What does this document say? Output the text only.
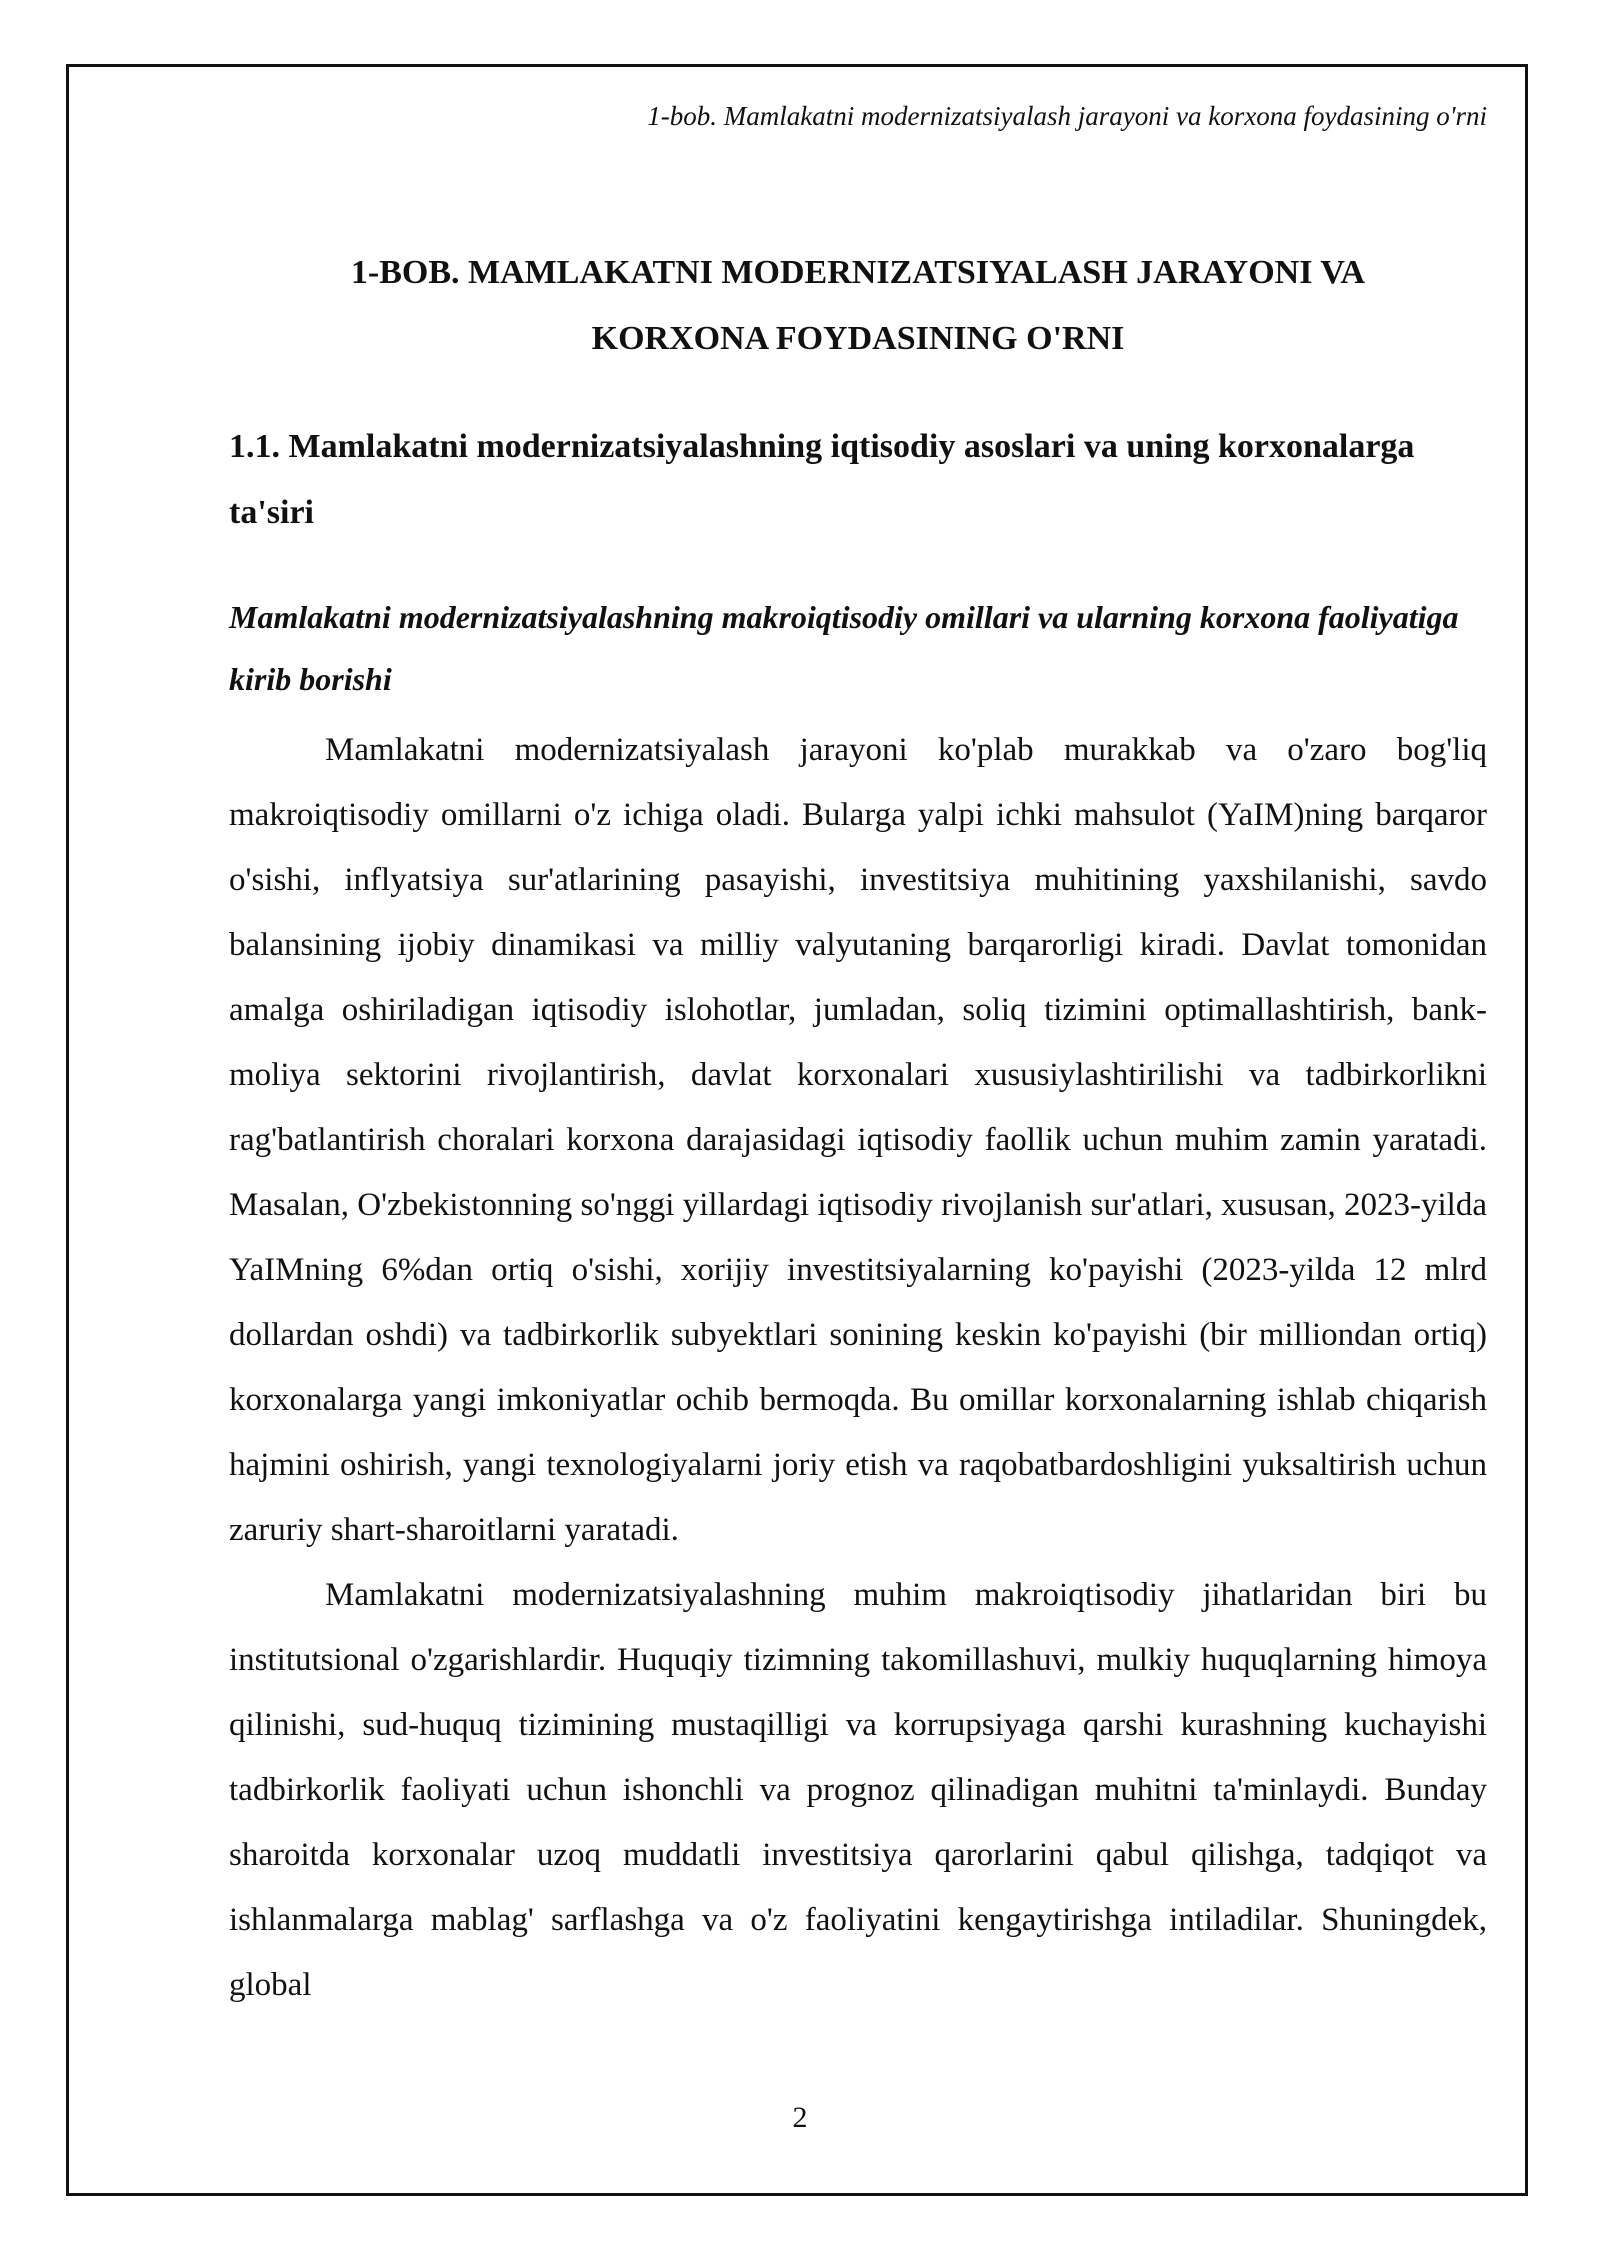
1-bob. Mamlakatni modernizatsiyalash jarayoni va korxona foydasining o'rni

1-BOB. MAMLAKATNI MODERNIZATSIYALASH JARAYONI VA
KORXONA FOYDASINING O'RNI
1.1. Mamlakatni modernizatsiyalashning iqtisodiy asoslari va uning korxonalarga ta'siri
Mamlakatni modernizatsiyalashning makroiqtisodiy omillari va ularning korxona faoliyatiga kirib borishi

Mamlakatni modernizatsiyalash jarayoni ko'plab murakkab va o'zaro bog'liq makroiqtisodiy omillarni o'z ichiga oladi. Bularga yalpi ichki mahsulot (YaIM)ning barqaror o'sishi, inflyatsiya sur'atlarining pasayishi, investitsiya muhitining yaxshilanishi, savdo balansining ijobiy dinamikasi va milliy valyutaning barqarorligi kiradi. Davlat tomonidan amalga oshiriladigan iqtisodiy islohotlar, jumladan, soliq tizimini optimallashtirish, bank-moliya sektorini rivojlantirish, davlat korxonalari xususiylashtirilishi va tadbirkorlikni rag'batlantirish choralari korxona darajasidagi iqtisodiy faollik uchun muhim zamin yaratadi. Masalan, O'zbekistonning so'nggi yillardagi iqtisodiy rivojlanish sur'atlari, xususan, 2023-yilda YaIMning 6%dan ortiq o'sishi, xorijiy investitsiyalarning ko'payishi (2023-yilda 12 mlrd dollardan oshdi) va tadbirkorlik subyektlari sonining keskin ko'payishi (bir milliondan ortiq) korxonalarga yangi imkoniyatlar ochib bermoqda. Bu omillar korxonalarning ishlab chiqarish hajmini oshirish, yangi texnologiyalarni joriy etish va raqobatbardoshligini yuksaltirish uchun zaruriy shart-sharoitlarni yaratadi.

Mamlakatni modernizatsiyalashning muhim makroiqtisodiy jihatlaridan biri bu institutsional o'zgarishlardir. Huquqiy tizimning takomillashuvi, mulkiy huquqlarning himoya qilinishi, sud-huquq tizimining mustaqilligi va korrupsiyaga qarshi kurashning kuchayishi tadbirkorlik faoliyati uchun ishonchli va prognoz qilinadigan muhitni ta'minlaydi. Bunday sharoitda korxonalar uzoq muddatli investitsiya qarorlarini qabul qilishga, tadqiqot va ishlanmalarga mablag' sarflashga va o'z faoliyatini kengaytirishga intiladilar. Shuningdek, global

2
